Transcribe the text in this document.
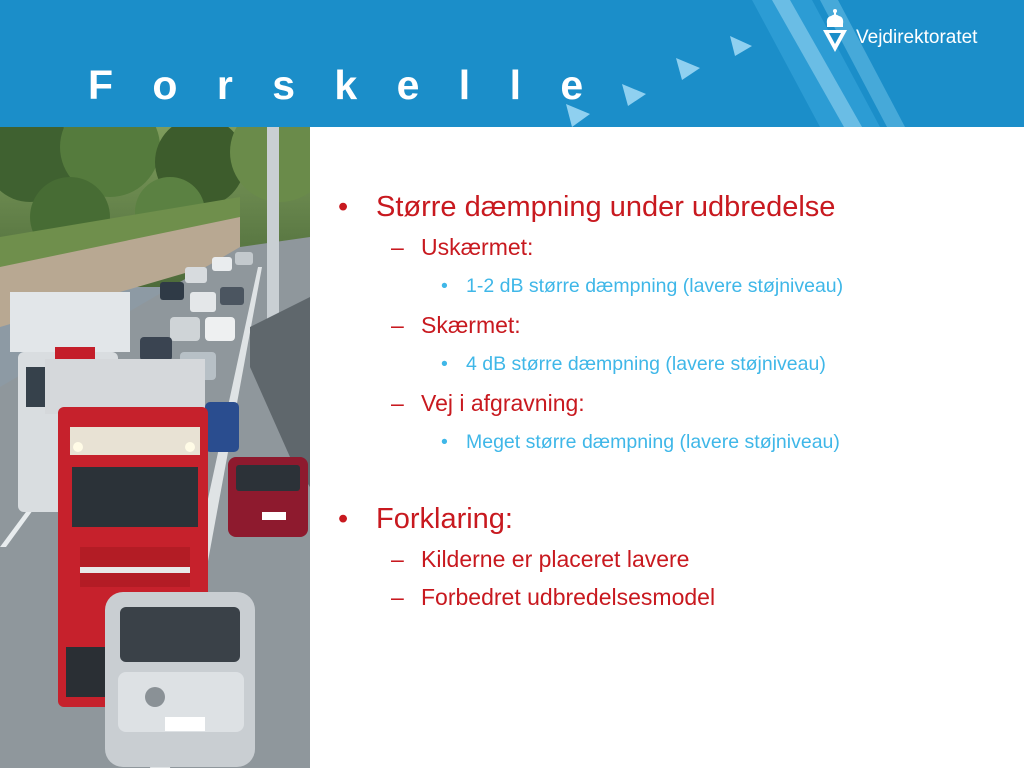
F o r s k e l l e
Vejdirektoratet
• Større dæmpning under udbredelse
– Uskærmet:
• 1-2 dB større dæmpning (lavere støjniveau)
– Skærmet:
• 4 dB større dæmpning (lavere støjniveau)
– Vej i afgravning:
• Meget større dæmpning (lavere støjniveau)
• Forklaring:
– Kilderne er placeret lavere
– Forbedret udbredelsesmodel
